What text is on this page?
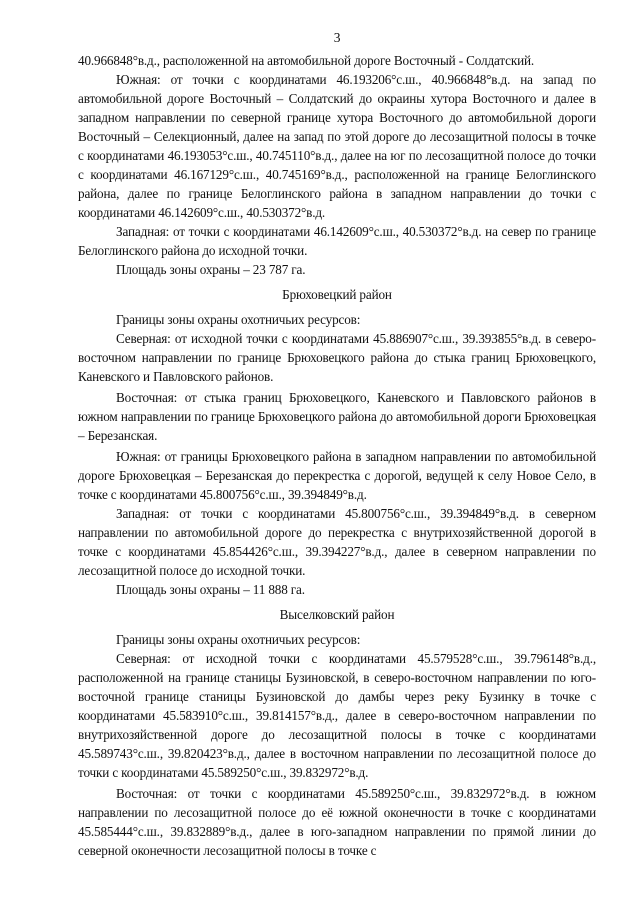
3

40.966848°в.д., расположенной на автомобильной дороге Восточный - Солдатский.

Южная: от точки с координатами 46.193206°с.ш., 40.966848°в.д. на запад по автомобильной дороге Восточный – Солдатский до окраины хутора Восточного и далее в западном направлении по северной границе хутора Восточного до автомобильной дороги Восточный – Селекционный, далее на запад по этой дороге до лесозащитной полосы в точке с координатами 46.193053°с.ш., 40.745110°в.д., далее на юг по лесозащитной полосе до точки с координатами 46.167129°с.ш., 40.745169°в.д., расположенной на границе Белоглинского района, далее по границе Белоглинского района в западном направлении до точки с координатами 46.142609°с.ш., 40.530372°в.д.

Западная: от точки с координатами 46.142609°с.ш., 40.530372°в.д. на север по границе Белоглинского района до исходной точки.

Площадь зоны охраны – 23 787 га.

Брюховецкий район

Границы зоны охраны охотничьих ресурсов:

Северная: от исходной точки с координатами 45.886907°с.ш., 39.393855°в.д. в северо-восточном направлении по границе Брюховецкого района до стыка границ Брюховецкого, Каневского и Павловского районов.

Восточная: от стыка границ Брюховецкого, Каневского и Павловского районов в южном направлении по границе Брюховецкого района до автомобильной дороги Брюховецкая – Березанская.

Южная: от границы Брюховецкого района в западном направлении по автомобильной дороге Брюховецкая – Березанская до перекрестка с дорогой, ведущей к селу Новое Село, в точке с координатами 45.800756°с.ш., 39.394849°в.д.

Западная: от точки с координатами 45.800756°с.ш., 39.394849°в.д. в северном направлении по автомобильной дороге до перекрестка с внутрихозяйственной дорогой в точке с координатами 45.854426°с.ш., 39.394227°в.д., далее в северном направлении по лесозащитной полосе до исходной точки.

Площадь зоны охраны – 11 888 га.

Выселковский район

Границы зоны охраны охотничьих ресурсов:

Северная: от исходной точки с координатами 45.579528°с.ш., 39.796148°в.д., расположенной на границе станицы Бузиновской, в северо-восточном направлении по юго-восточной границе станицы Бузиновской до дамбы через реку Бузинку в точке с координатами 45.583910°с.ш., 39.814157°в.д., далее в северо-восточном направлении по внутрихозяйственной дороге до лесозащитной полосы в точке с координатами 45.589743°с.ш., 39.820423°в.д., далее в восточном направлении по лесозащитной полосе до точки с координатами 45.589250°с.ш., 39.832972°в.д.

Восточная: от точки с координатами 45.589250°с.ш., 39.832972°в.д. в южном направлении по лесозащитной полосе до её южной оконечности в точке с координатами 45.585444°с.ш., 39.832889°в.д., далее в юго-западном направлении по прямой линии до северной оконечности лесозащитной полосы в точке с
